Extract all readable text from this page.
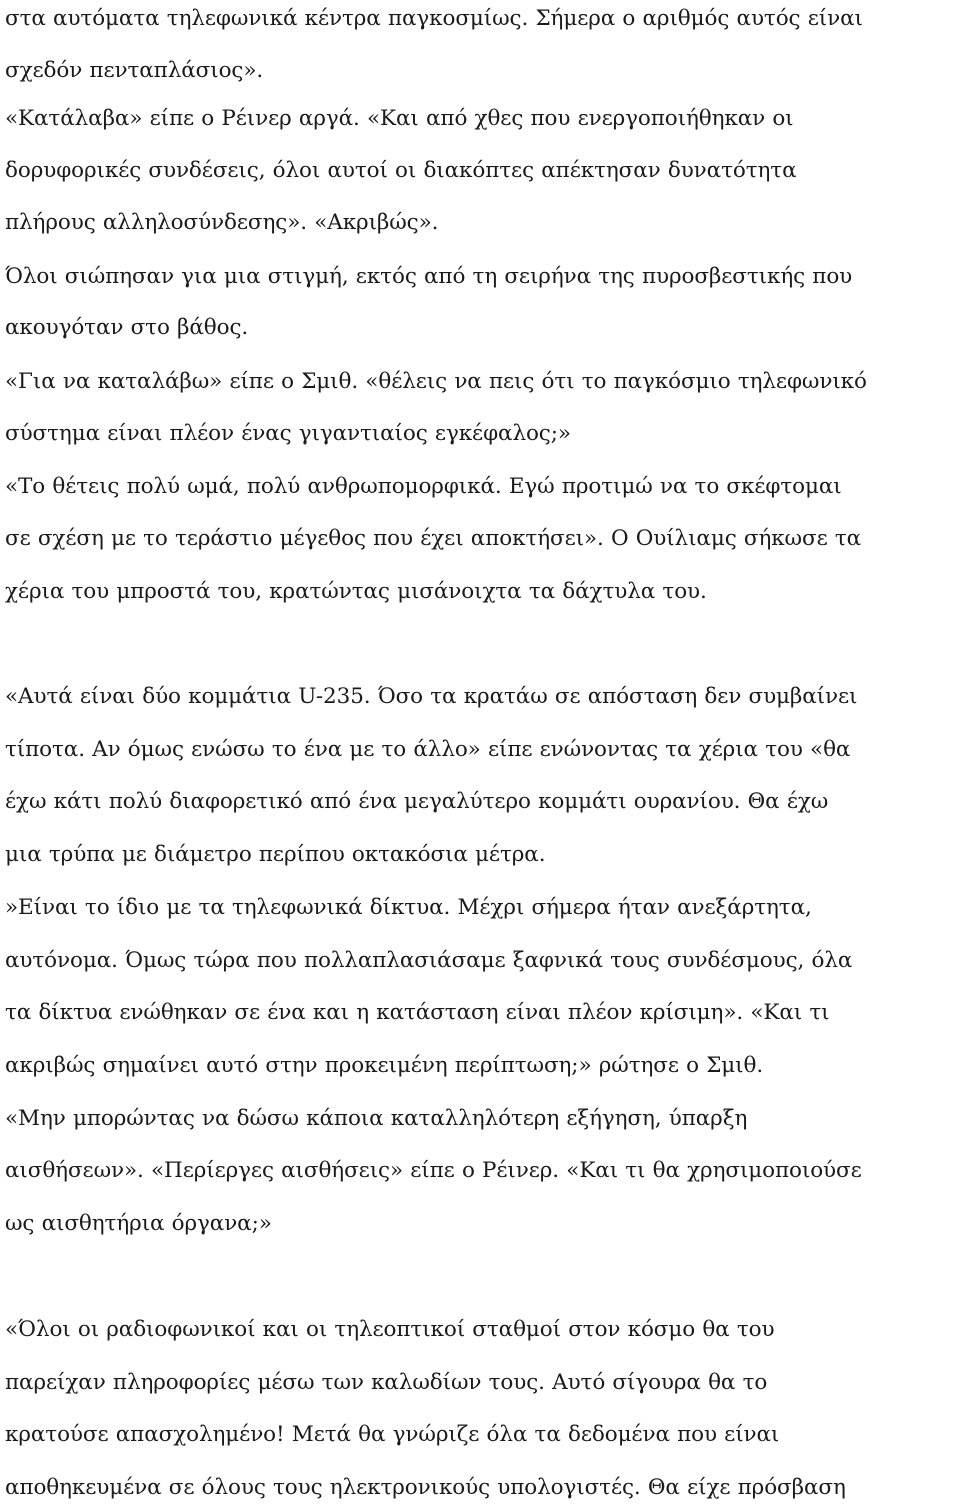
στα αυτόματα τηλεφωνικά κέντρα παγκοσμίως. Σήμερα ο αριθμός αυτός είναι
σχεδόν πενταπλάσιος».
«Κατάλαβα» είπε ο Ρέινερ αργά. «Και από χθες που ενεργοποιήθηκαν οι
δορυφορικές συνδέσεις, όλοι αυτοί οι διακόπτες απέκτησαν δυνατότητα
πλήρους αλληλοσύνδεσης». «Ακριβώς».
Όλοι σιώπησαν για μια στιγμή, εκτός από τη σειρήνα της πυροσβεστικής που
ακουγόταν στο βάθος.
«Για να καταλάβω» είπε ο Σμιθ. «θέλεις να πεις ότι το παγκόσμιο τηλεφωνικό
σύστημα είναι πλέον ένας γιγαντιαίος εγκέφαλος;»
«Το θέτεις πολύ ωμά, πολύ ανθρωπομορφικά. Εγώ προτιμώ να το σκέφτομαι
σε σχέση με το τεράστιο μέγεθος που έχει αποκτήσει». Ο Ουίλιαμς σήκωσε τα
χέρια του μπροστά του, κρατώντας μισάνοιχτα τα δάχτυλα του.
«Αυτά είναι δύο κομμάτια U-235. Όσο τα κρατάω σε απόσταση δεν συμβαίνει
τίποτα. Αν όμως ενώσω το ένα με το άλλο» είπε ενώνοντας τα χέρια του «θα
έχω κάτι πολύ διαφορετικό από ένα μεγαλύτερο κομμάτι ουρανίου. Θα έχω
μια τρύπα με διάμετρο περίπου οκτακόσια μέτρα.
»Είναι το ίδιο με τα τηλεφωνικά δίκτυα. Μέχρι σήμερα ήταν ανεξάρτητα,
αυτόνομα. Όμως τώρα που πολλαπλασιάσαμε ξαφνικά τους συνδέσμους, όλα
τα δίκτυα ενώθηκαν σε ένα και η κατάσταση είναι πλέον κρίσιμη». «Και τι
ακριβώς σημαίνει αυτό στην προκειμένη περίπτωση;» ρώτησε ο Σμιθ.
«Μην μπορώντας να δώσω κάποια καταλληλότερη εξήγηση, ύπαρξη
αισθήσεων». «Περίεργες αισθήσεις» είπε ο Ρέινερ. «Και τι θα χρησιμοποιούσε
ως αισθητήρια όργανα;»
«Όλοι οι ραδιοφωνικοί και οι τηλεοπτικοί σταθμοί στον κόσμο θα του
παρείχαν πληροφορίες μέσω των καλωδίων τους. Αυτό σίγουρα θα το
κρατούσε απασχολημένο! Μετά θα γνώριζε όλα τα δεδομένα που είναι
αποθηκευμένα σε όλους τους ηλεκτρονικούς υπολογιστές. Θα είχε πρόσβαση
